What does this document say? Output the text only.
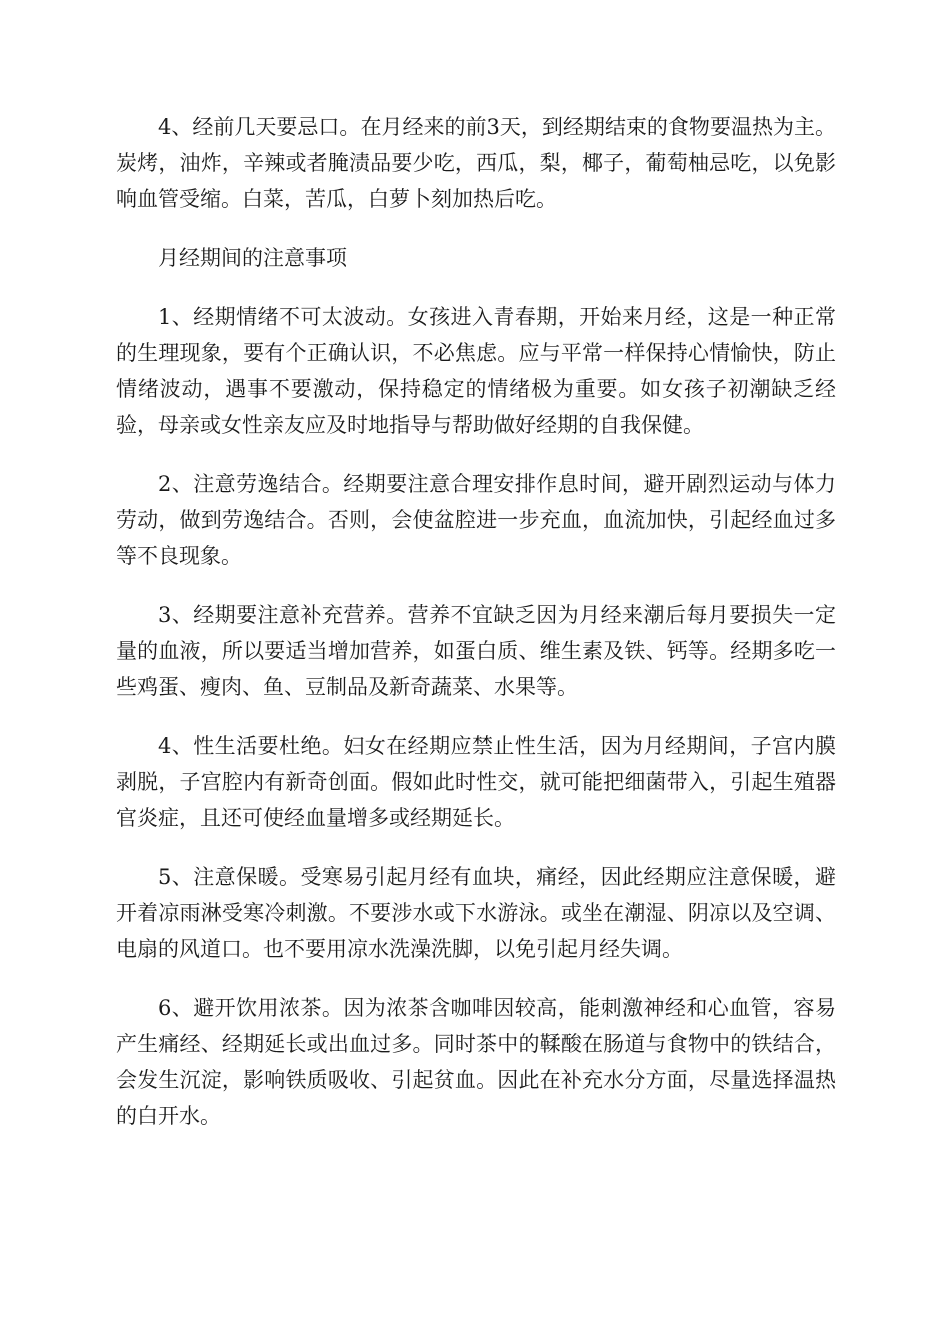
4、经前几天要忌口。在月经来的前3天，到经期结束的食物要温热为主。炭烤，油炸，辛辣或者腌渍品要少吃，西瓜，梨，椰子，葡萄柚忌吃，以免影响血管受缩。白菜，苦瓜，白萝卜刻加热后吃。

月经期间的注意事项

1、经期情绪不可太波动。女孩进入青春期，开始来月经，这是一种正常的生理现象，要有个正确认识，不必焦虑。应与平常一样保持心情愉快，防止情绪波动，遇事不要激动，保持稳定的情绪极为重要。如女孩子初潮缺乏经验，母亲或女性亲友应及时地指导与帮助做好经期的自我保健。

2、注意劳逸结合。经期要注意合理安排作息时间，避开剧烈运动与体力劳动，做到劳逸结合。否则，会使盆腔进一步充血，血流加快，引起经血过多等不良现象。

3、经期要注意补充营养。营养不宜缺乏因为月经来潮后每月要损失一定量的血液，所以要适当增加营养，如蛋白质、维生素及铁、钙等。经期多吃一些鸡蛋、瘦肉、鱼、豆制品及新奇蔬菜、水果等。

4、性生活要杜绝。妇女在经期应禁止性生活，因为月经期间，子宫内膜剥脱，子宫腔内有新奇创面。假如此时性交，就可能把细菌带入，引起生殖器官炎症，且还可使经血量增多或经期延长。

5、注意保暖。受寒易引起月经有血块，痛经，因此经期应注意保暖，避开着凉雨淋受寒冷刺激。不要涉水或下水游泳。或坐在潮湿、阴凉以及空调、电扇的风道口。也不要用凉水洗澡洗脚，以免引起月经失调。

6、避开饮用浓茶。因为浓茶含咖啡因较高，能刺激神经和心血管，容易产生痛经、经期延长或出血过多。同时茶中的鞣酸在肠道与食物中的铁结合，会发生沉淀，影响铁质吸收、引起贫血。因此在补充水分方面，尽量选择温热的白开水。
